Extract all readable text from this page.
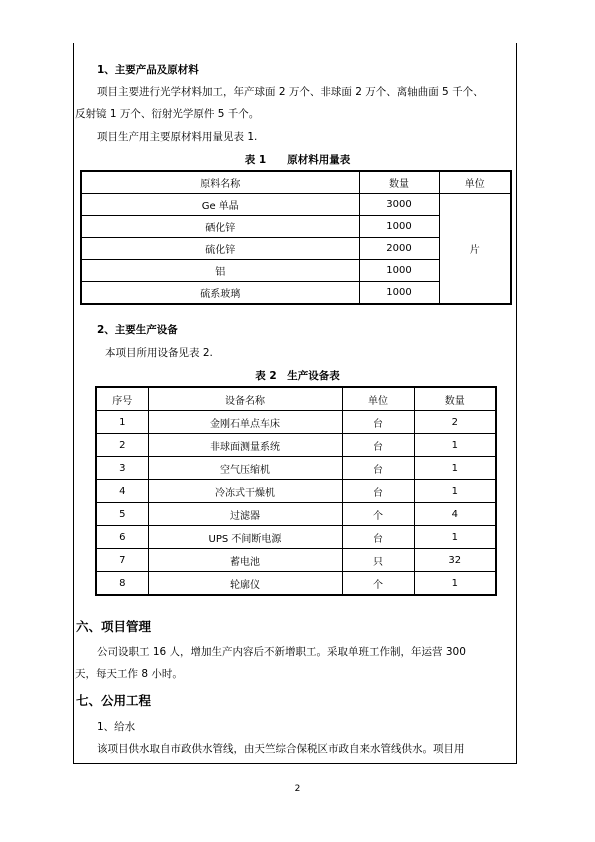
1、主要产品及原材料
项目主要进行光学材料加工，年产球面 2 万个、非球面 2 万个、离轴曲面 5 千个、
反射镜 1 万个、衍射光学原件 5 千个。
项目生产用主要原材料用量见表 1.
表 1　　原材料用量表
原料名称	数量	单位
Ge 单晶	3000	片
硒化锌	1000	
硫化锌	2000	
铝	1000	
硫系玻璃	1000	
2、主要生产设备
本项目所用设备见表 2.
表 2　生产设备表
序号	设备名称	单位	数量
1	金刚石单点车床	台	2
2	非球面测量系统	台	1
3	空气压缩机	台	1
4	冷冻式干燥机	台	1
5	过滤器	个	4
6	UPS 不间断电源	台	1
7	蓄电池	只	32
8	轮廓仪	个	1
六、项目管理
公司设职工 16 人，增加生产内容后不新增职工。采取单班工作制，年运营 300
天，每天工作 8 小时。
七、公用工程
1、给水
该项目供水取自市政供水管线，由天竺综合保税区市政自来水管线供水。项目用
2
